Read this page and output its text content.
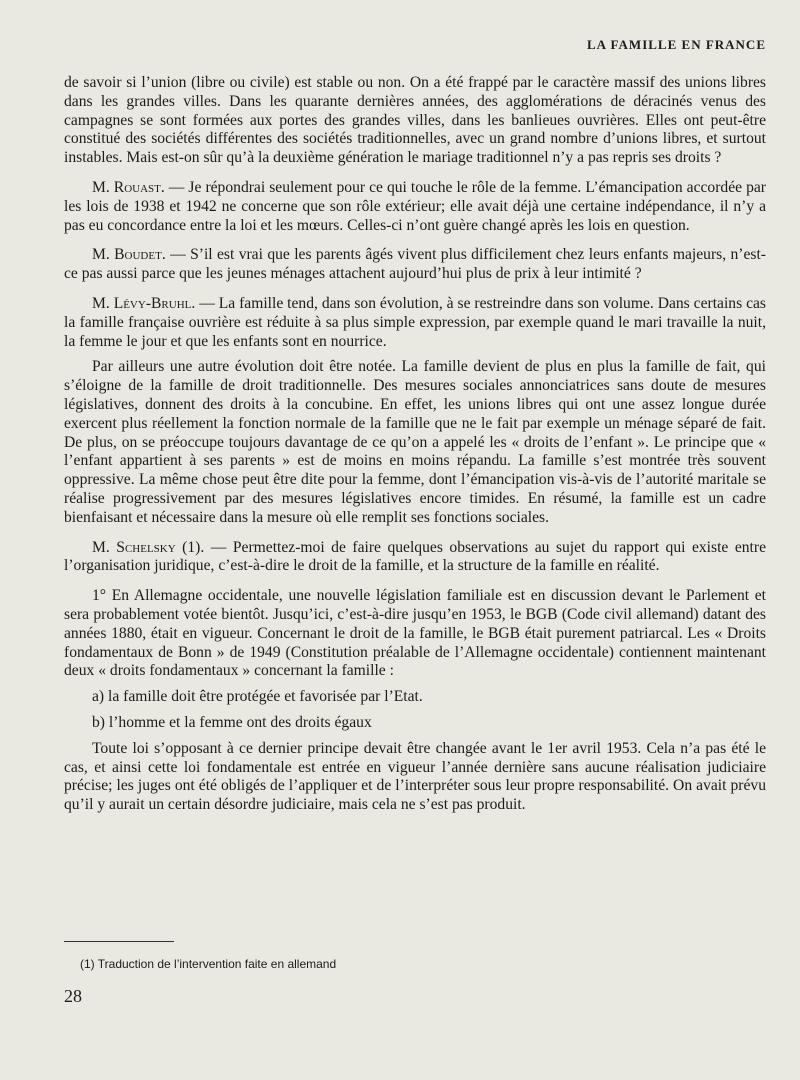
LA FAMILLE EN FRANCE

de savoir si l’union (libre ou civile) est stable ou non. On a été frappé par le caractère massif des unions libres dans les grandes villes. Dans les quarante dernières années, des agglomérations de déracinés venus des campagnes se sont formées aux portes des grandes villes, dans les banlieues ouvrières. Elles ont peut-être constitué des sociétés différentes des sociétés traditionnelles, avec un grand nombre d’unions libres, et surtout instables. Mais est-on sûr qu’à la deuxième génération le mariage traditionnel n’y a pas repris ses droits ?

M. Rouast. — Je répondrai seulement pour ce qui touche le rôle de la femme. L’émancipation accordée par les lois de 1938 et 1942 ne concerne que son rôle extérieur; elle avait déjà une certaine indépendance, il n’y a pas eu concordance entre la loi et les mœurs. Celles-ci n’ont guère changé après les lois en question.

M. Boudet. — S’il est vrai que les parents âgés vivent plus difficilement chez leurs enfants majeurs, n’est-ce pas aussi parce que les jeunes ménages attachent aujourd’hui plus de prix à leur intimité ?

M. Lévy-Bruhl. — La famille tend, dans son évolution, à se restreindre dans son volume. Dans certains cas la famille française ouvrière est réduite à sa plus simple expression, par exemple quand le mari travaille la nuit, la femme le jour et que les enfants sont en nourrice.

Par ailleurs une autre évolution doit être notée. La famille devient de plus en plus la famille de fait, qui s’éloigne de la famille de droit traditionnelle. Des mesures sociales annonciatrices sans doute de mesures législatives, donnent des droits à la concubine. En effet, les unions libres qui ont une assez longue durée exercent plus réellement la fonction normale de la famille que ne le fait par exemple un ménage séparé de fait. De plus, on se préoccupe toujours davantage de ce qu’on a appelé les « droits de l’enfant ». Le principe que « l’enfant appartient à ses parents » est de moins en moins répandu. La famille s’est montrée très souvent oppressive. La même chose peut être dite pour la femme, dont l’émancipation vis-à-vis de l’autorité maritale se réalise progressivement par des mesures législatives encore timides. En résumé, la famille est un cadre bienfaisant et nécessaire dans la mesure où elle remplit ses fonctions sociales.

M. Schelsky (1). — Permettez-moi de faire quelques observations au sujet du rapport qui existe entre l’organisation juridique, c’est-à-dire le droit de la famille, et la structure de la famille en réalité.

1° En Allemagne occidentale, une nouvelle législation familiale est en discussion devant le Parlement et sera probablement votée bientôt. Jusqu’ici, c’est-à-dire jusqu’en 1953, le BGB (Code civil allemand) datant des années 1880, était en vigueur. Concernant le droit de la famille, le BGB était purement patriarcal. Les « Droits fondamentaux de Bonn » de 1949 (Constitution préalable de l’Allemagne occidentale) contiennent maintenant deux « droits fondamentaux » concernant la famille :

a) la famille doit être protégée et favorisée par l’Etat.

b) l’homme et la femme ont des droits égaux

Toute loi s’opposant à ce dernier principe devait être changée avant le 1er avril 1953. Cela n’a pas été le cas, et ainsi cette loi fondamentale est entrée en vigueur l’année dernière sans aucune réalisation judiciaire précise; les juges ont été obligés de l’appliquer et de l’interpréter sous leur propre responsabilité. On avait prévu qu’il y aurait un certain désordre judiciaire, mais cela ne s’est pas produit.

(1) Traduction de l’intervention faite en allemand
28
